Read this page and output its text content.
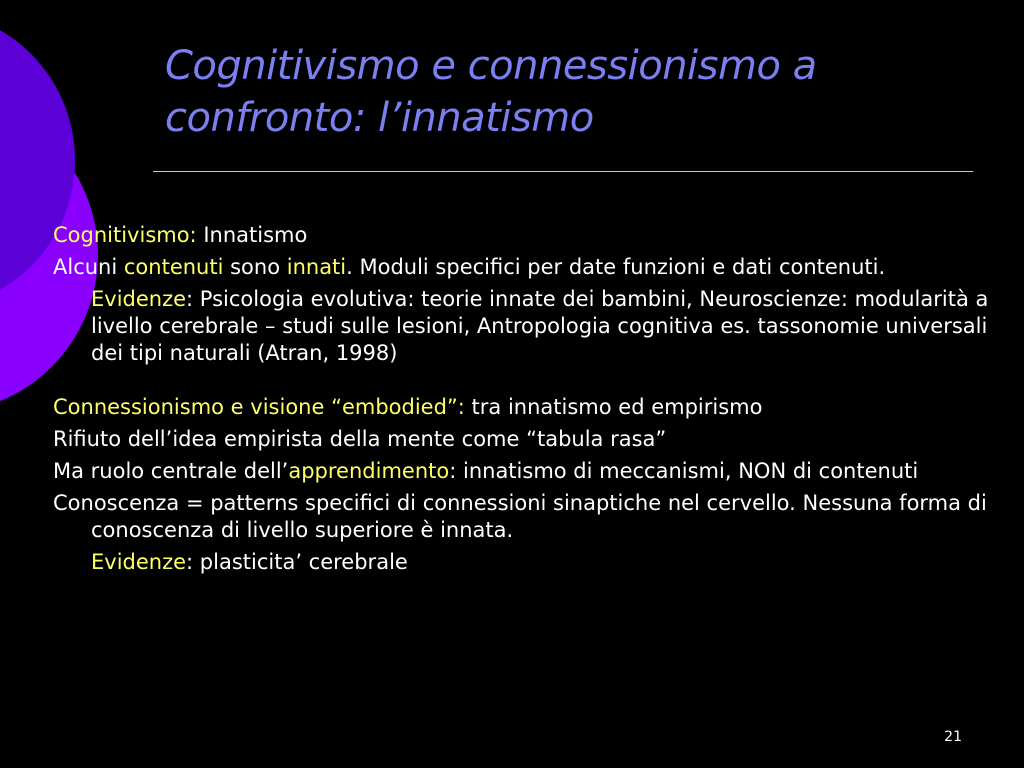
Cognitivismo e connessionismo a
confronto: l’innatismo

Cognitivismo: Innatismo

Alcuni contenuti sono innati. Moduli specifici per date funzioni e dati contenuti.

Evidenze: Psicologia evolutiva: teorie innate dei bambini, Neuroscienze: modularità a livello cerebrale – studi sulle lesioni, Antropologia cognitiva es. tassonomie universali dei tipi naturali (Atran, 1998)

Connessionismo e visione “embodied”: tra innatismo ed empirismo

Rifiuto dell’idea empirista della mente come “tabula rasa”

Ma ruolo centrale dell’apprendimento: innatismo di meccanismi, NON di contenuti

Conoscenza = patterns specifici di connessioni sinaptiche nel cervello. Nessuna forma di conoscenza di livello superiore è innata.

Evidenze: plasticita’ cerebrale

21
